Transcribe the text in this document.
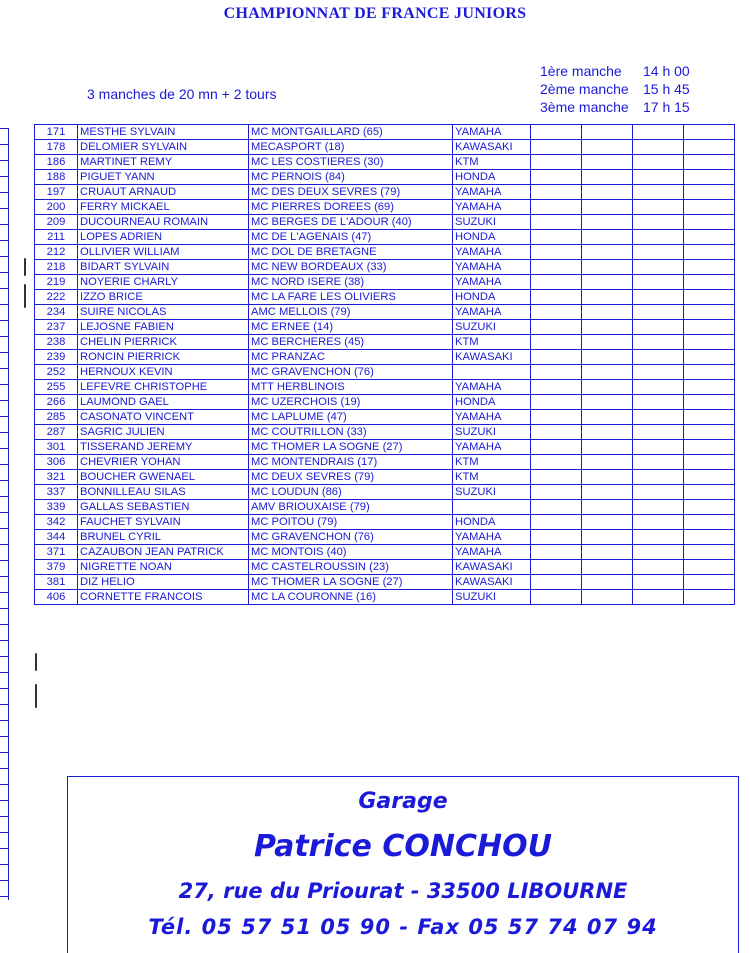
CHAMPIONNAT DE FRANCE JUNIORS
3 manches de 20 mn + 2 tours
1ère manche 14 h 00
2ème manche 15 h 45
3ème manche 17 h 15
171	MESTHE SYLVAIN	MC MONTGAILLARD (65)	YAMAHA				
178	DELOMIER SYLVAIN	MECASPORT (18)	KAWASAKI				
186	MARTINET REMY	MC LES COSTIERES (30)	KTM				
188	PIGUET YANN	MC PERNOIS (84)	HONDA				
197	CRUAUT ARNAUD	MC DES DEUX SEVRES (79)	YAMAHA				
200	FERRY MICKAEL	MC PIERRES DOREES (69)	YAMAHA				
209	DUCOURNEAU ROMAIN	MC BERGES DE L'ADOUR (40)	SUZUKI				
211	LOPES ADRIEN	MC DE L'AGENAIS (47)	HONDA				
212	OLLIVIER WILLIAM	MC DOL DE BRETAGNE	YAMAHA				
218	BIDART SYLVAIN	MC NEW BORDEAUX (33)	YAMAHA				
219	NOYERIE CHARLY	MC NORD ISERE (38)	YAMAHA				
222	IZZO BRICE	MC LA FARE LES OLIVIERS	HONDA				
234	SUIRE NICOLAS	AMC MELLOIS (79)	YAMAHA				
237	LEJOSNE FABIEN	MC ERNEE (14)	SUZUKI				
238	CHELIN PIERRICK	MC BERCHERES (45)	KTM				
239	RONCIN PIERRICK	MC PRANZAC	KAWASAKI				
252	HERNOUX KEVIN	MC GRAVENCHON (76)					
255	LEFEVRE CHRISTOPHE	MTT HERBLINOIS	YAMAHA				
266	LAUMOND GAEL	MC UZERCHOIS (19)	HONDA				
285	CASONATO VINCENT	MC LAPLUME (47)	YAMAHA				
287	SAGRIC JULIEN	MC COUTRILLON (33)	SUZUKI				
301	TISSERAND JEREMY	MC THOMER LA SOGNE (27)	YAMAHA				
306	CHEVRIER YOHAN	MC MONTENDRAIS (17)	KTM				
321	BOUCHER GWENAEL	MC DEUX SEVRES (79)	KTM				
337	BONNILLEAU SILAS	MC LOUDUN (86)	SUZUKI				
339	GALLAS SEBASTIEN	AMV BRIOUXAISE (79)					
342	FAUCHET SYLVAIN	MC POITOU (79)	HONDA				
344	BRUNEL CYRIL	MC GRAVENCHON (76)	YAMAHA				
371	CAZAUBON JEAN PATRICK	MC MONTOIS (40)	YAMAHA				
379	NIGRETTE NOAN	MC CASTELROUSSIN (23)	KAWASAKI				
381	DIZ HELIO	MC THOMER LA SOGNE (27)	KAWASAKI				
406	CORNETTE FRANCOIS	MC LA COURONNE (16)	SUZUKI				
Garage
Patrice CONCHOU
27, rue du Priourat - 33500 LIBOURNE
Tél. 05 57 51 05 90 - Fax 05 57 74 07 94
